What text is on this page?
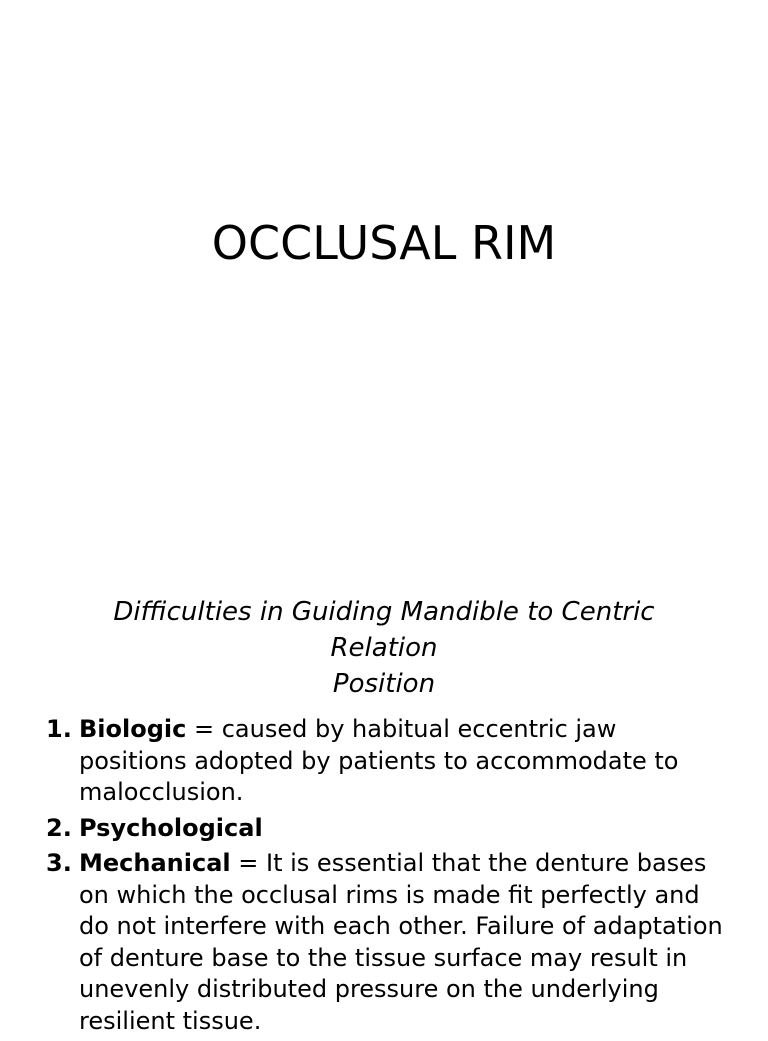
OCCLUSAL RIM
Difficulties in Guiding Mandible to Centric
Relation
Position
1. Biologic = caused by habitual eccentric jaw positions adopted by patients to accommodate to malocclusion.
2. Psychological
3. Mechanical = It is essential that the denture bases on which the occlusal rims is made fit perfectly and do not interfere with each other. Failure of adaptation of denture base to the tissue surface may result in unevenly distributed pressure on the underlying resilient tissue.
